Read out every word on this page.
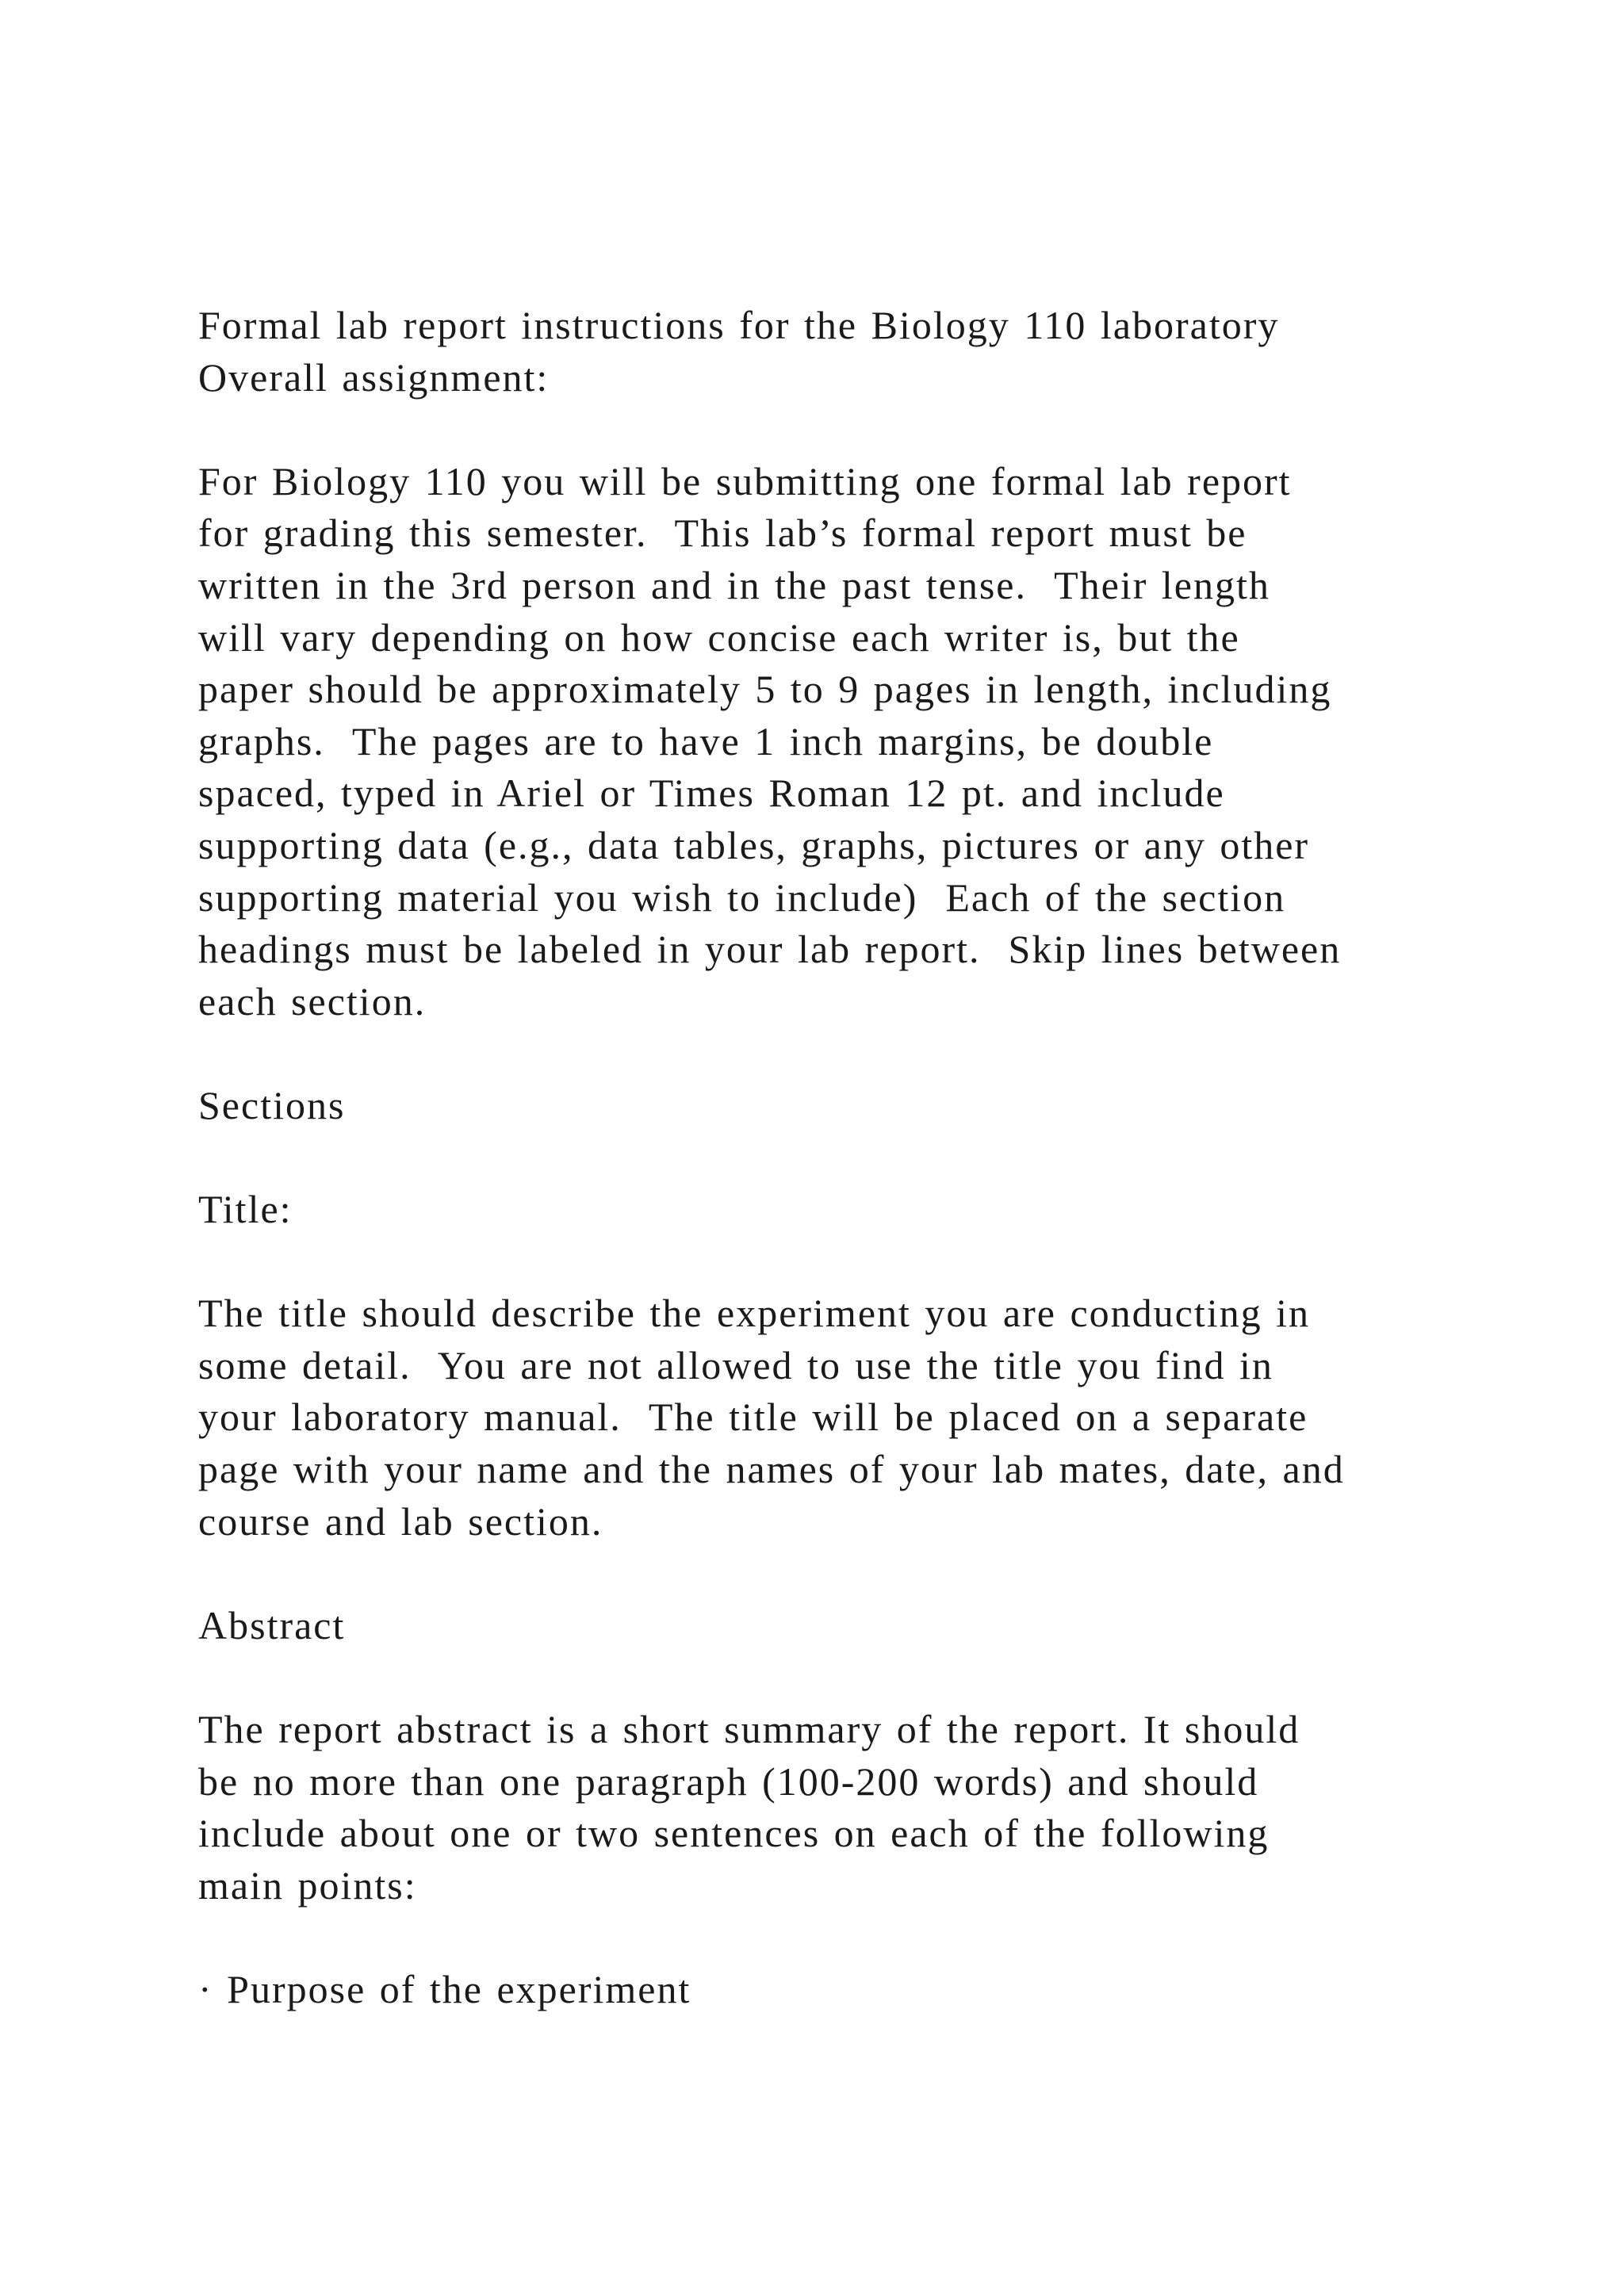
Formal lab report instructions for the Biology 110 laboratory
Overall assignment:
For Biology 110 you will be submitting one formal lab report
for grading this semester.  This lab’s formal report must be
written in the 3rd person and in the past tense.  Their length
will vary depending on how concise each writer is, but the
paper should be approximately 5 to 9 pages in length, including
graphs.  The pages are to have 1 inch margins, be double
spaced, typed in Ariel or Times Roman 12 pt. and include
supporting data (e.g., data tables, graphs, pictures or any other
supporting material you wish to include)  Each of the section
headings must be labeled in your lab report.  Skip lines between
each section.
Sections
Title:
The title should describe the experiment you are conducting in
some detail.  You are not allowed to use the title you find in
your laboratory manual.  The title will be placed on a separate
page with your name and the names of your lab mates, date, and
course and lab section.
Abstract
The report abstract is a short summary of the report. It should
be no more than one paragraph (100-200 words) and should
include about one or two sentences on each of the following
main points:
· Purpose of the experiment
